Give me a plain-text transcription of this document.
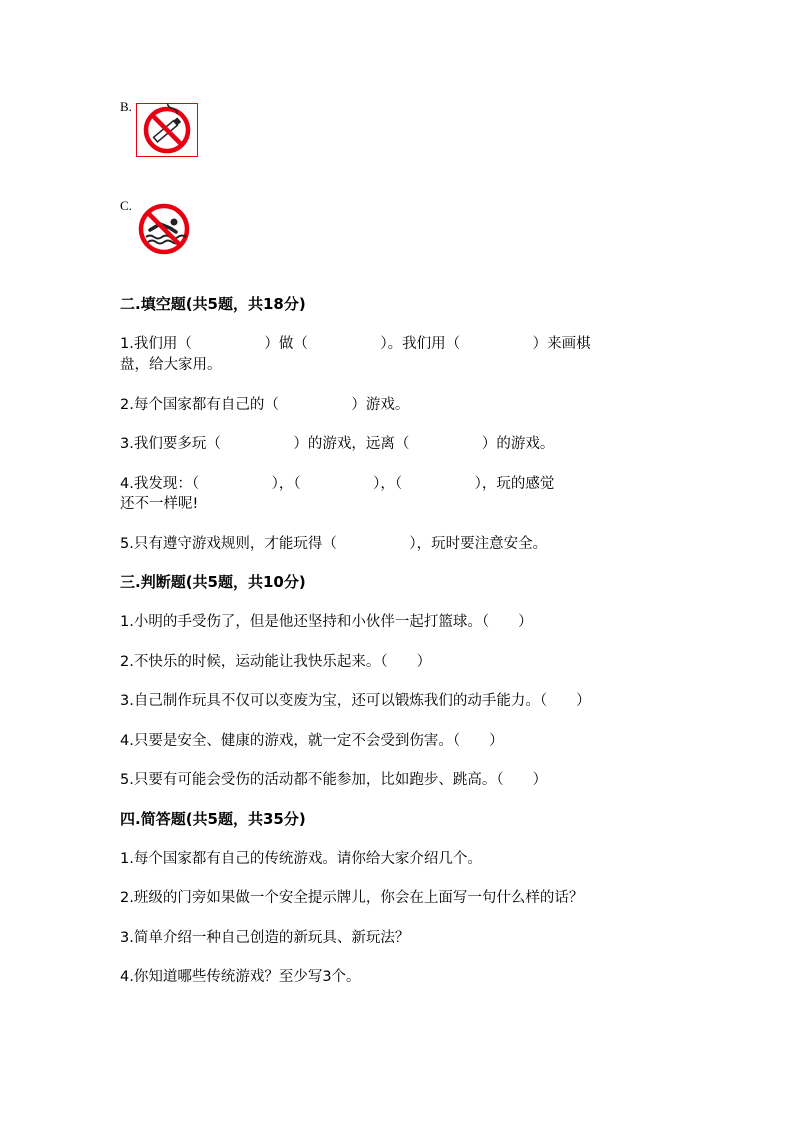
B.
C.
二.填空题(共5题，共18分)
1.我们用（　　　　　）做（　　　　　）。我们用（　　　　　）来画棋
盘，给大家用。
2.每个国家都有自己的（　　　　　）游戏。
3.我们要多玩（　　　　　）的游戏，远离（　　　　　）的游戏。
4.我发现：（　　　　　），（　　　　　），（　　　　　），玩的感觉
还不一样呢!
5.只有遵守游戏规则，才能玩得（　　　　　），玩时要注意安全。
三.判断题(共5题，共10分)
1.小明的手受伤了，但是他还坚持和小伙伴一起打篮球。（　　）
2.不快乐的时候，运动能让我快乐起来。（　　）
3.自己制作玩具不仅可以变废为宝，还可以锻炼我们的动手能力。（　　）
4.只要是安全、健康的游戏，就一定不会受到伤害。（　　）
5.只要有可能会受伤的活动都不能参加，比如跑步、跳高。（　　）
四.简答题(共5题，共35分)
1.每个国家都有自己的传统游戏。请你给大家介绍几个。
2.班级的门旁如果做一个安全提示牌儿，你会在上面写一句什么样的话？
3.简单介绍一种自己创造的新玩具、新玩法？
4.你知道哪些传统游戏？至少写3个。
